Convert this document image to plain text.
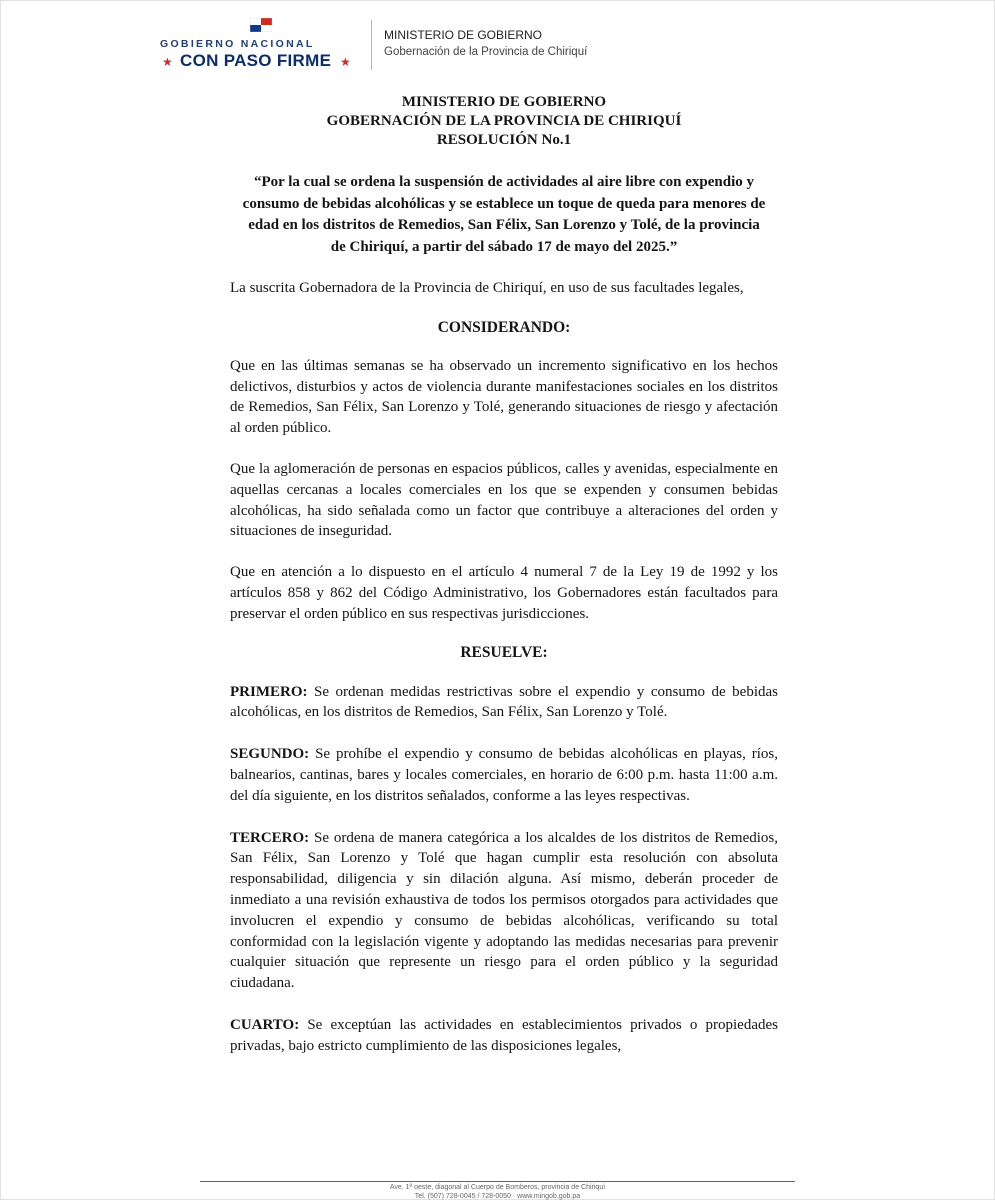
GOBIERNO NACIONAL
★ CON PASO FIRME ★
MINISTERIO DE GOBIERNO
Gobernación de la Provincia de Chiriquí

MINISTERIO DE GOBIERNO

GOBERNACIÓN DE LA PROVINCIA DE CHIRIQUÍ

RESOLUCIÓN No.1

“Por la cual se ordena la suspensión de actividades al aire libre con expendio y consumo de bebidas alcohólicas y se establece un toque de queda para menores de edad en los distritos de Remedios, San Félix, San Lorenzo y Tolé, de la provincia de Chiriquí, a partir del sábado 17 de mayo del 2025.”

La suscrita Gobernadora de la Provincia de Chiriquí, en uso de sus facultades legales,

CONSIDERANDO:

Que en las últimas semanas se ha observado un incremento significativo en los hechos delictivos, disturbios y actos de violencia durante manifestaciones sociales en los distritos de Remedios, San Félix, San Lorenzo y Tolé, generando situaciones de riesgo y afectación al orden público.

Que la aglomeración de personas en espacios públicos, calles y avenidas, especialmente en aquellas cercanas a locales comerciales en los que se expenden y consumen bebidas alcohólicas, ha sido señalada como un factor que contribuye a alteraciones del orden y situaciones de inseguridad.

Que en atención a lo dispuesto en el artículo 4 numeral 7 de la Ley 19 de 1992 y los artículos 858 y 862 del Código Administrativo, los Gobernadores están facultados para preservar el orden público en sus respectivas jurisdicciones.

RESUELVE:

PRIMERO: Se ordenan medidas restrictivas sobre el expendio y consumo de bebidas alcohólicas, en los distritos de Remedios, San Félix, San Lorenzo y Tolé.

SEGUNDO: Se prohíbe el expendio y consumo de bebidas alcohólicas en playas, ríos, balnearios, cantinas, bares y locales comerciales, en horario de 6:00 p.m. hasta 11:00 a.m. del día siguiente, en los distritos señalados, conforme a las leyes respectivas.

TERCERO: Se ordena de manera categórica a los alcaldes de los distritos de Remedios, San Félix, San Lorenzo y Tolé que hagan cumplir esta resolución con absoluta responsabilidad, diligencia y sin dilación alguna. Así mismo, deberán proceder de inmediato a una revisión exhaustiva de todos los permisos otorgados para actividades que involucren el expendio y consumo de bebidas alcohólicas, verificando su total conformidad con la legislación vigente y adoptando las medidas necesarias para prevenir cualquier situación que represente un riesgo para el orden público y la seguridad ciudadana.

CUARTO: Se exceptúan las actividades en establecimientos privados o propiedades privadas, bajo estricto cumplimiento de las disposiciones legales,

Ave. 1ª oeste, diagonal al Cuerpo de Bomberos, provincia de Chiriquí
Tel. (507) 728-0045 / 728-0050 · www.mingob.gob.pa
